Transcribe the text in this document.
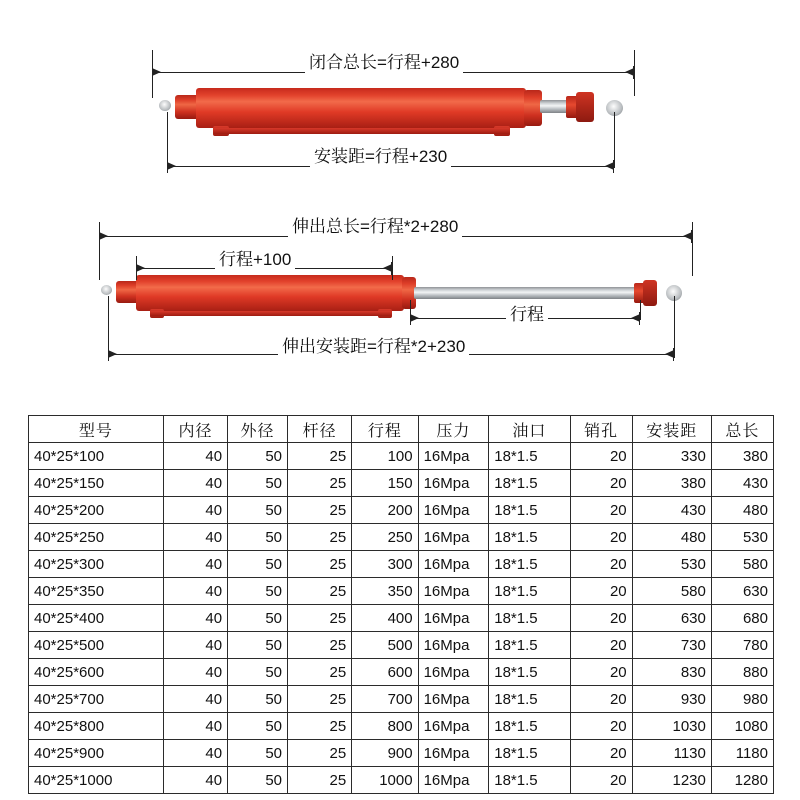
闭合总长=行程+280
安装距=行程+230
伸出总长=行程*2+280
行程+100
行程
伸出安装距=行程*2+230
型号	内径	外径	杆径	行程	压力	油口	销孔	安装距	总长
40*25*100	40	50	25	100	16Mpa	18*1.5	20	330	380
40*25*150	40	50	25	150	16Mpa	18*1.5	20	380	430
40*25*200	40	50	25	200	16Mpa	18*1.5	20	430	480
40*25*250	40	50	25	250	16Mpa	18*1.5	20	480	530
40*25*300	40	50	25	300	16Mpa	18*1.5	20	530	580
40*25*350	40	50	25	350	16Mpa	18*1.5	20	580	630
40*25*400	40	50	25	400	16Mpa	18*1.5	20	630	680
40*25*500	40	50	25	500	16Mpa	18*1.5	20	730	780
40*25*600	40	50	25	600	16Mpa	18*1.5	20	830	880
40*25*700	40	50	25	700	16Mpa	18*1.5	20	930	980
40*25*800	40	50	25	800	16Mpa	18*1.5	20	1030	1080
40*25*900	40	50	25	900	16Mpa	18*1.5	20	1130	1180
40*25*1000	40	50	25	1000	16Mpa	18*1.5	20	1230	1280
